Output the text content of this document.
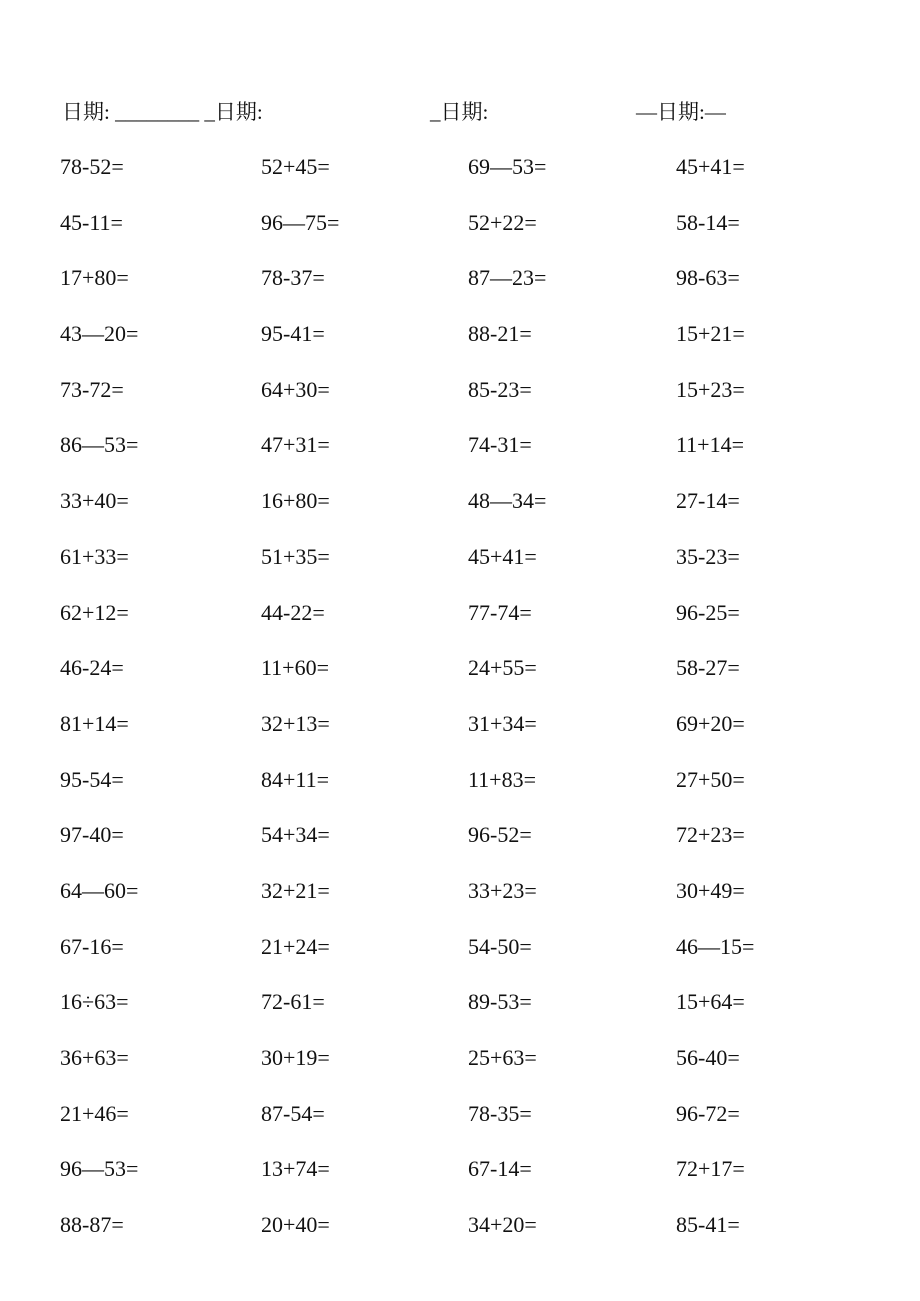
日期: ________ _日期:	_日期:	—日期:—
78-52=	52+45=	69—53=	45+41=
45-11=	96—75=	52+22=	58-14=
17+80=	78-37=	87—23=	98-63=
43—20=	95-41=	88-21=	15+21=
73-72=	64+30=	85-23=	15+23=
86—53=	47+31=	74-31=	11+14=
33+40=	16+80=	48—34=	27-14=
61+33=	51+35=	45+41=	35-23=
62+12=	44-22=	77-74=	96-25=
46-24=	11+60=	24+55=	58-27=
81+14=	32+13=	31+34=	69+20=
95-54=	84+11=	11+83=	27+50=
97-40=	54+34=	96-52=	72+23=
64—60=	32+21=	33+23=	30+49=
67-16=	21+24=	54-50=	46—15=
16÷63=	72-61=	89-53=	15+64=
36+63=	30+19=	25+63=	56-40=
21+46=	87-54=	78-35=	96-72=
96—53=	13+74=	67-14=	72+17=
88-87=	20+40=	34+20=	85-41=
